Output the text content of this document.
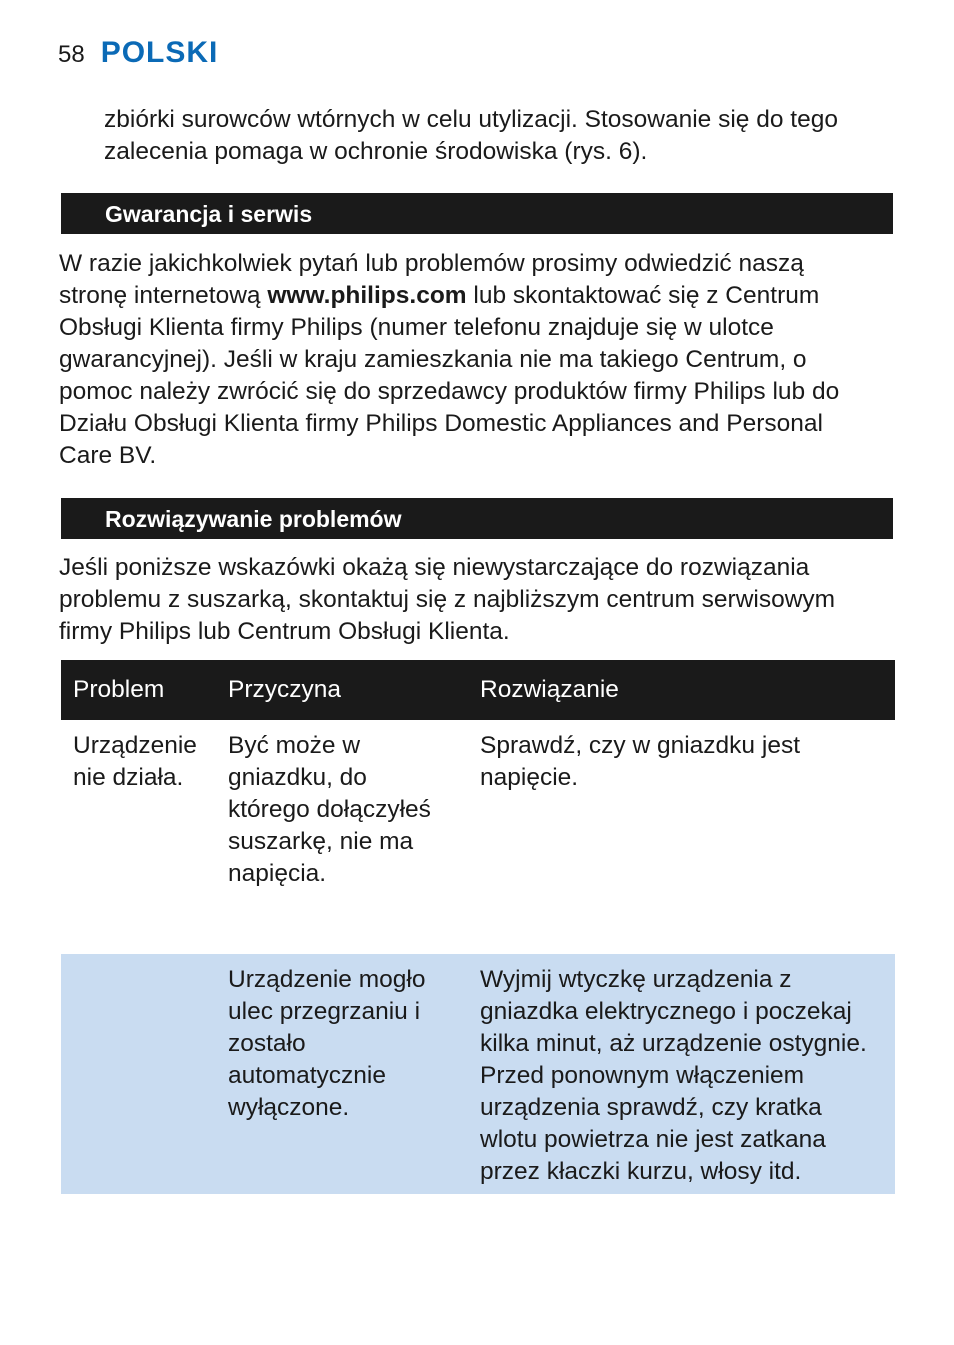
58 POLSKI
zbiórki surowców wtórnych w celu utylizacji. Stosowanie się do tego
zalecenia pomaga w ochronie środowiska (rys. 6).
Gwarancja i serwis
W razie jakichkolwiek pytań lub problemów prosimy odwiedzić naszą
stronę internetową www.philips.com lub skontaktować się z Centrum
Obsługi Klienta firmy Philips (numer telefonu znajduje się w ulotce
gwarancyjnej). Jeśli w kraju zamieszkania nie ma takiego Centrum, o
pomoc należy zwrócić się do sprzedawcy produktów firmy Philips lub do
Działu Obsługi Klienta firmy Philips Domestic Appliances and Personal
Care BV.
Rozwiązywanie problemów
Jeśli poniższe wskazówki okażą się niewystarczające do rozwiązania
problemu z suszarką, skontaktuj się z najbliższym centrum serwisowym
firmy Philips lub Centrum Obsługi Klienta.
Problem	Przyczyna	Rozwiązanie
Urządzenie
nie działa.
Być może w
gniazdku, do
którego dołączyłeś
suszarkę, nie ma
napięcia.
Sprawdź, czy w gniazdku jest
napięcie.
Urządzenie mogło
ulec przegrzaniu i
zostało
automatycznie
wyłączone.
Wyjmij wtyczkę urządzenia z
gniazdka elektrycznego i poczekaj
kilka minut, aż urządzenie ostygnie.
Przed ponownym włączeniem
urządzenia sprawdź, czy kratka
wlotu powietrza nie jest zatkana
przez kłaczki kurzu, włosy itd.
